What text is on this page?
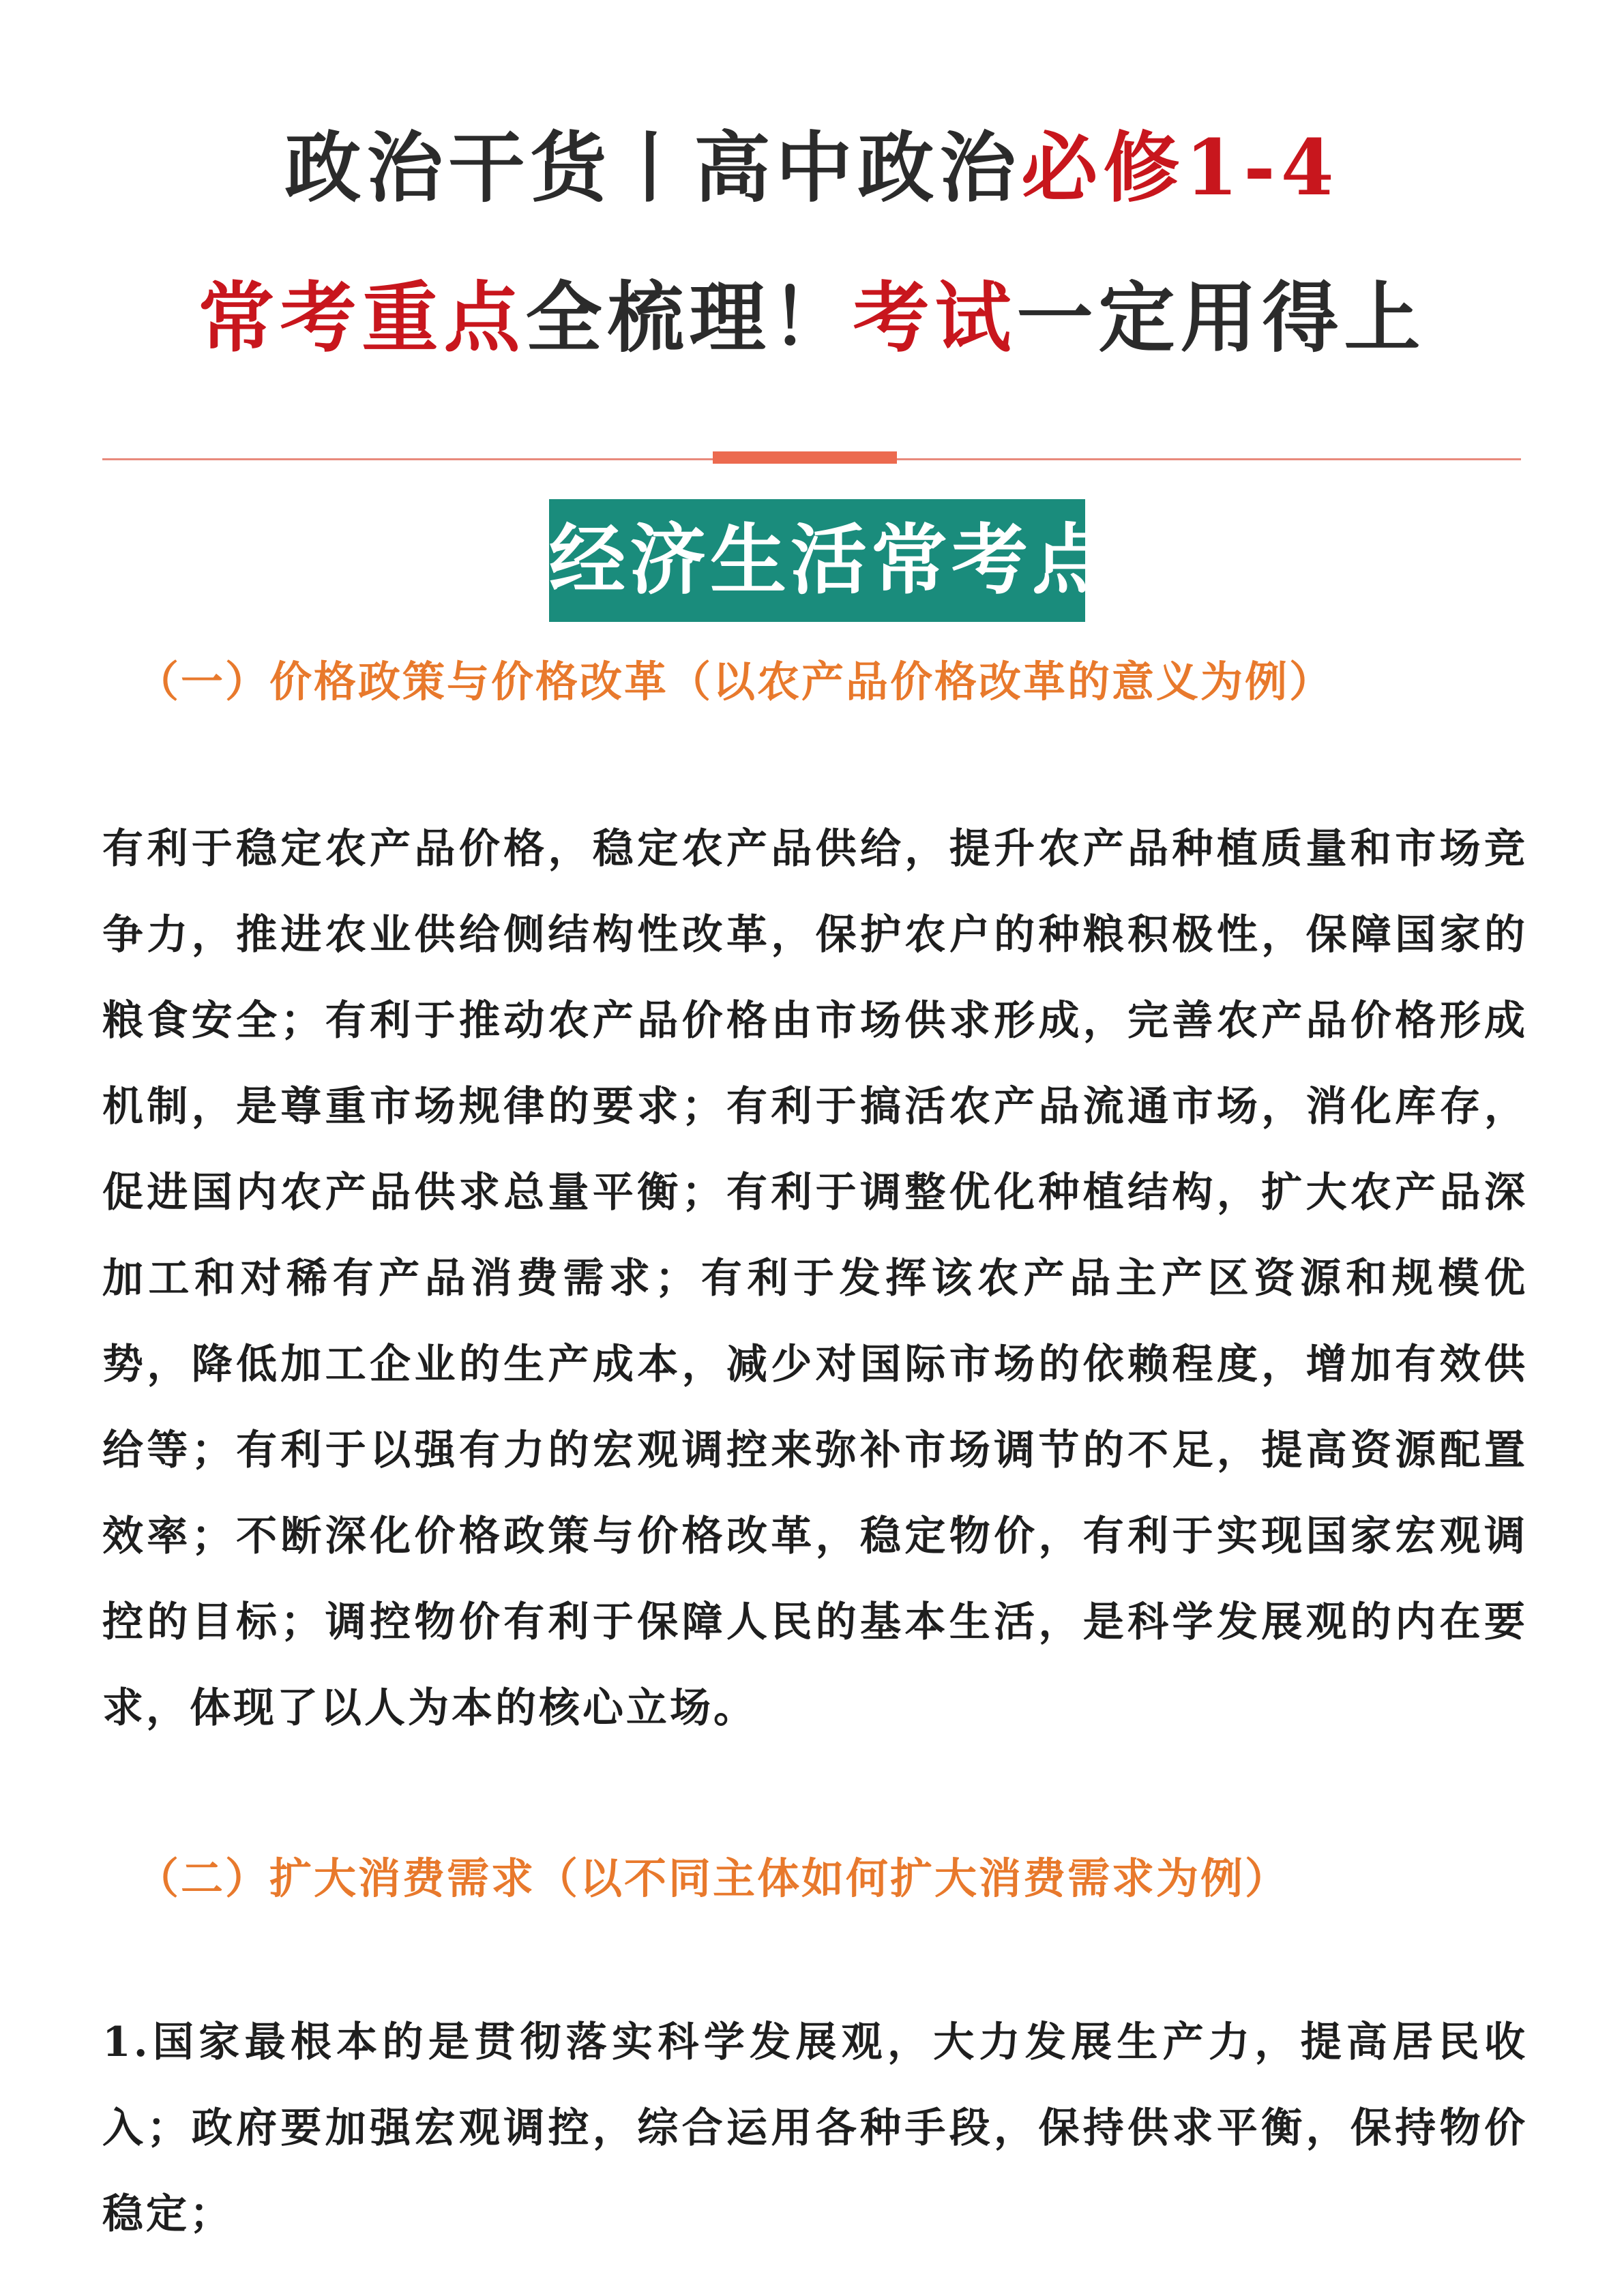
政治干货丨高中政治必修1-4
常考重点全梳理！考试一定用得上
经济生活常考点
（一）价格政策与价格改革（以农产品价格改革的意义为例）
有利于稳定农产品价格，稳定农产品供给，提升农产品种植质量和市场竞争力，推进农业供给侧结构性改革，保护农户的种粮积极性，保障国家的粮食安全；有利于推动农产品价格由市场供求形成，完善农产品价格形成机制，是尊重市场规律的要求；有利于搞活农产品流通市场，消化库存，促进国内农产品供求总量平衡；有利于调整优化种植结构，扩大农产品深加工和对稀有产品消费需求；有利于发挥该农产品主产区资源和规模优势，降低加工企业的生产成本，减少对国际市场的依赖程度，增加有效供给等；有利于以强有力的宏观调控来弥补市场调节的不足，提高资源配置效率；不断深化价格政策与价格改革，稳定物价，有利于实现国家宏观调控的目标；调控物价有利于保障人民的基本生活，是科学发展观的内在要求，体现了以人为本的核心立场。
（二）扩大消费需求（以不同主体如何扩大消费需求为例）
1.国家最根本的是贯彻落实科学发展观，大力发展生产力，提高居民收入；政府要加强宏观调控，综合运用各种手段，保持供求平衡，保持物价稳定；
